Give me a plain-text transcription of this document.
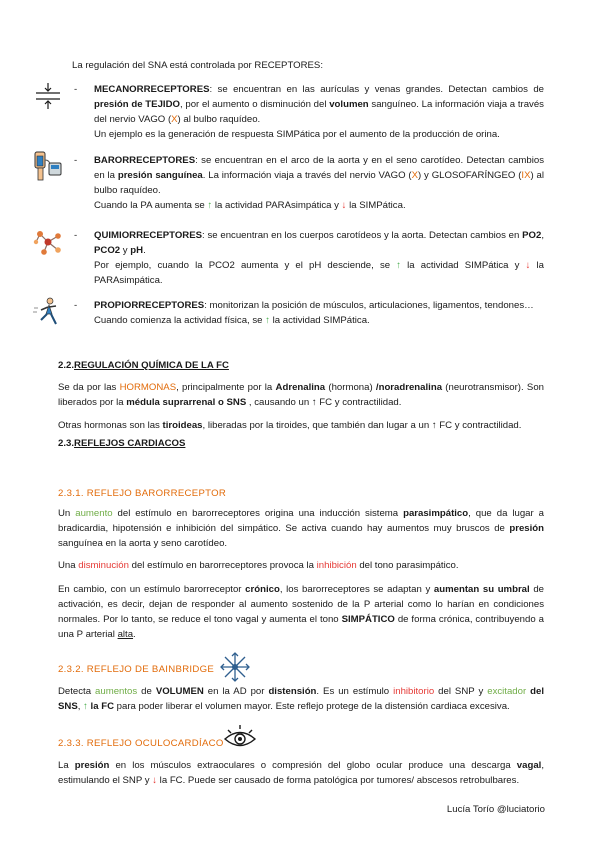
La regulación del SNA está controlada por RECEPTORES:
- MECANORRECEPTORES: se encuentran en las aurículas y venas grandes. Detectan cambios de presión de TEJIDO, por el aumento o disminución del volumen sanguíneo. La información viaja a través del nervio VAGO (X) al bulbo raquídeo.

Un ejemplo es la generación de respuesta SIMPática por el aumento de la producción de orina.

- BARORRECEPTORES: se encuentran en el arco de la aorta y en el seno carotídeo. Detectan cambios en la presión sanguínea. La información viaja a través del nervio VAGO (X) y GLOSOFARÍNGEO (IX) al bulbo raquídeo.

Cuando la PA aumenta se ↑ la actividad PARAsimpática y ↓ la SIMPática.

- QUIMIORRECEPTORES: se encuentran en los cuerpos carotídeos y la aorta. Detectan cambios en PO2, PCO2 y pH.

Por ejemplo, cuando la PCO2 aumenta y el pH desciende, se ↑ la actividad SIMPática y ↓ la PARAsimpática.

- PROPIORRECEPTORES: monitorizan la posición de músculos, articulaciones, ligamentos, tendones…

Cuando comienza la actividad física, se ↑ la actividad SIMPática.

2.2.REGULACIÓN QUÍMICA DE LA FC
Se da por las HORMONAS, principalmente por la Adrenalina (hormona) /noradrenalina (neurotransmisor). Son liberados por la médula suprarrenal o SNS , causando un ↑ FC y contractilidad.
Otras hormonas son las tiroideas, liberadas por la tiroides, que también dan lugar a un ↑ FC y contractilidad.
2.3.REFLEJOS CARDIACOS
2.3.1. REFLEJO BARORRECEPTOR
Un aumento del estímulo en barorreceptores origina una inducción sistema parasimpático, que da lugar a bradicardia, hipotensión e inhibición del simpático. Se activa cuando hay aumentos muy bruscos de presión sanguínea en la aorta y seno carotídeo.
Una disminución del estímulo en barorreceptores provoca la inhibición del tono parasimpático.
En cambio, con un estímulo barorreceptor crónico, los barorreceptores se adaptan y aumentan su umbral de activación, es decir, dejan de responder al aumento sostenido de la P arterial como lo harían en condiciones normales. Por lo tanto, se reduce el tono vagal y aumenta el tono SIMPÁTICO de forma crónica, contribuyendo a una P arterial alta.
2.3.2. REFLEJO DE BAINBRIDGE
Detecta aumentos de VOLUMEN en la AD por distensión. Es un estímulo inhibitorio del SNP y excitador del SNS, ↑ la FC para poder liberar el volumen mayor. Este reflejo protege de la distensión cardiaca excesiva.
2.3.3. REFLEJO OCULOCARDÍACO
La presión en los músculos extraoculares o compresión del globo ocular produce una descarga vagal, estimulando el SNP y ↓ la FC. Puede ser causado de forma patológica por tumores/ abscesos retrobulbares.
Lucía Torío @luciatorio
